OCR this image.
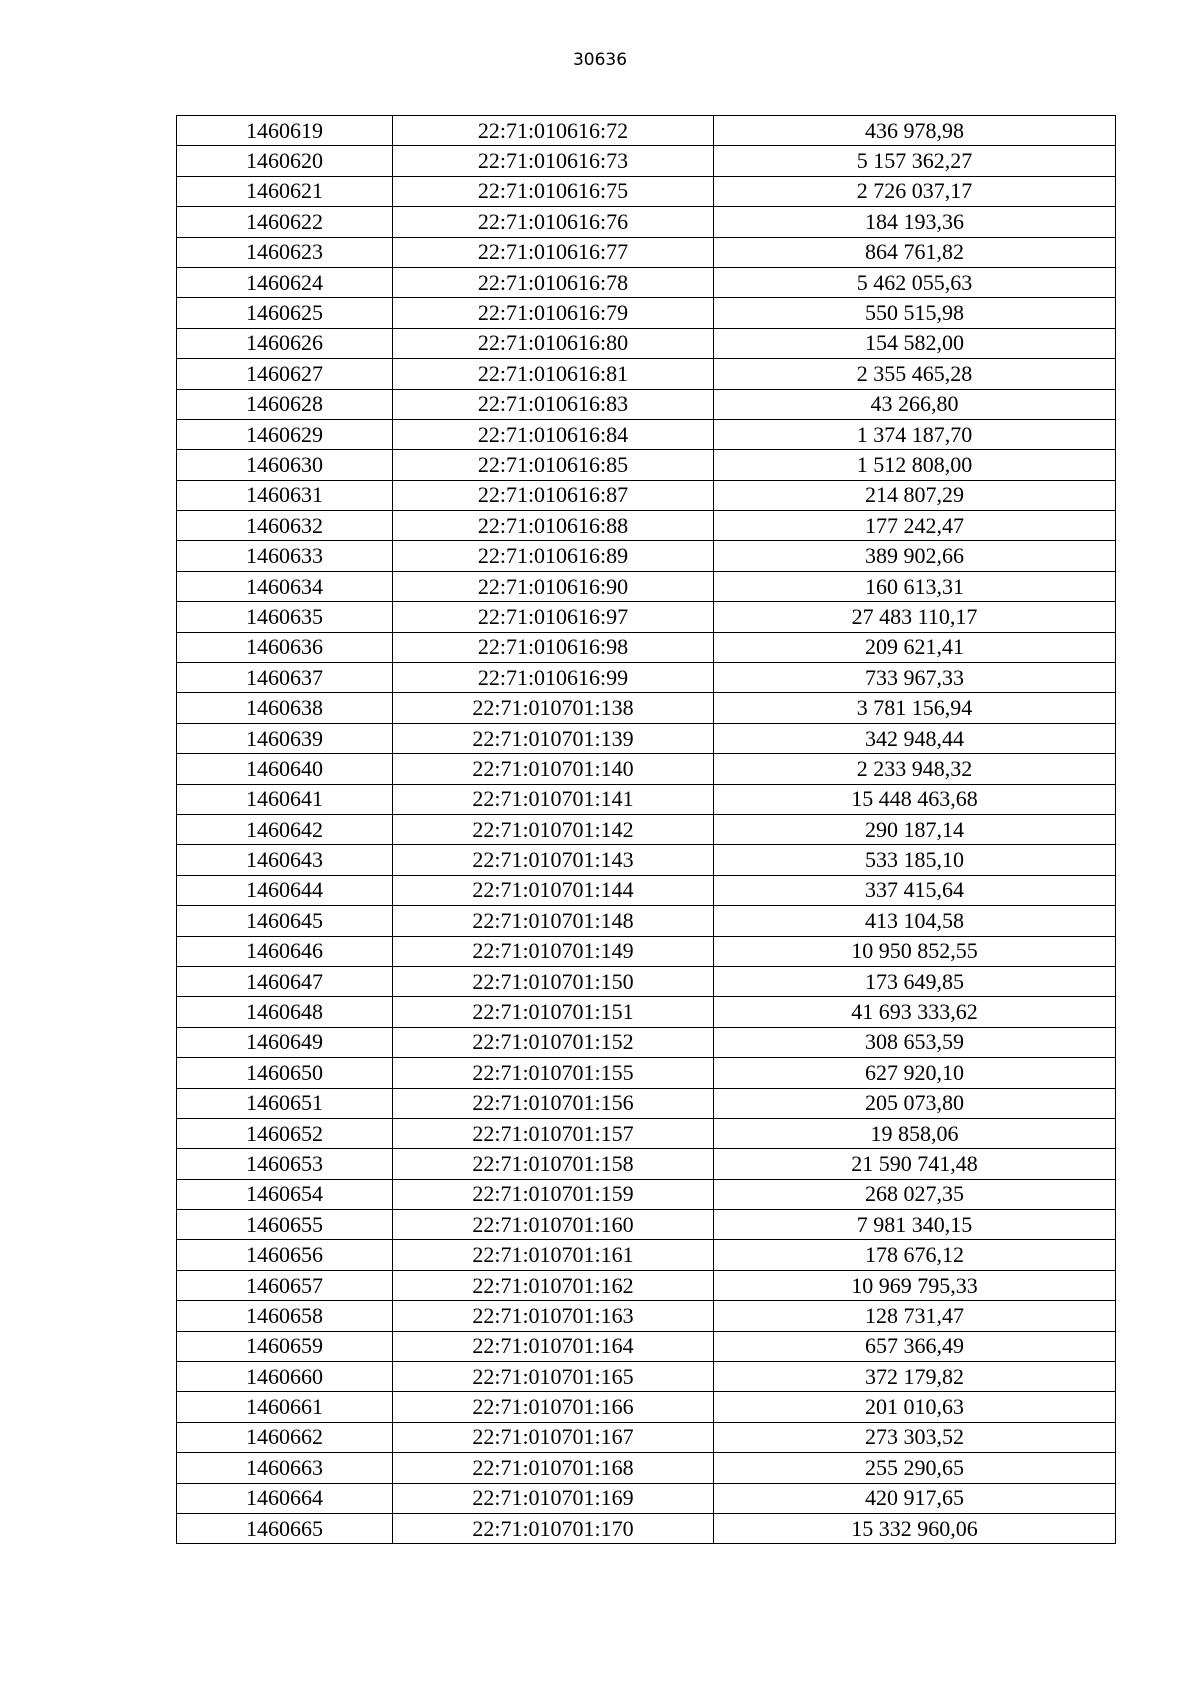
30636
1460619	22:71:010616:72	436 978,98
1460620	22:71:010616:73	5 157 362,27
1460621	22:71:010616:75	2 726 037,17
1460622	22:71:010616:76	184 193,36
1460623	22:71:010616:77	864 761,82
1460624	22:71:010616:78	5 462 055,63
1460625	22:71:010616:79	550 515,98
1460626	22:71:010616:80	154 582,00
1460627	22:71:010616:81	2 355 465,28
1460628	22:71:010616:83	43 266,80
1460629	22:71:010616:84	1 374 187,70
1460630	22:71:010616:85	1 512 808,00
1460631	22:71:010616:87	214 807,29
1460632	22:71:010616:88	177 242,47
1460633	22:71:010616:89	389 902,66
1460634	22:71:010616:90	160 613,31
1460635	22:71:010616:97	27 483 110,17
1460636	22:71:010616:98	209 621,41
1460637	22:71:010616:99	733 967,33
1460638	22:71:010701:138	3 781 156,94
1460639	22:71:010701:139	342 948,44
1460640	22:71:010701:140	2 233 948,32
1460641	22:71:010701:141	15 448 463,68
1460642	22:71:010701:142	290 187,14
1460643	22:71:010701:143	533 185,10
1460644	22:71:010701:144	337 415,64
1460645	22:71:010701:148	413 104,58
1460646	22:71:010701:149	10 950 852,55
1460647	22:71:010701:150	173 649,85
1460648	22:71:010701:151	41 693 333,62
1460649	22:71:010701:152	308 653,59
1460650	22:71:010701:155	627 920,10
1460651	22:71:010701:156	205 073,80
1460652	22:71:010701:157	19 858,06
1460653	22:71:010701:158	21 590 741,48
1460654	22:71:010701:159	268 027,35
1460655	22:71:010701:160	7 981 340,15
1460656	22:71:010701:161	178 676,12
1460657	22:71:010701:162	10 969 795,33
1460658	22:71:010701:163	128 731,47
1460659	22:71:010701:164	657 366,49
1460660	22:71:010701:165	372 179,82
1460661	22:71:010701:166	201 010,63
1460662	22:71:010701:167	273 303,52
1460663	22:71:010701:168	255 290,65
1460664	22:71:010701:169	420 917,65
1460665	22:71:010701:170	15 332 960,06
